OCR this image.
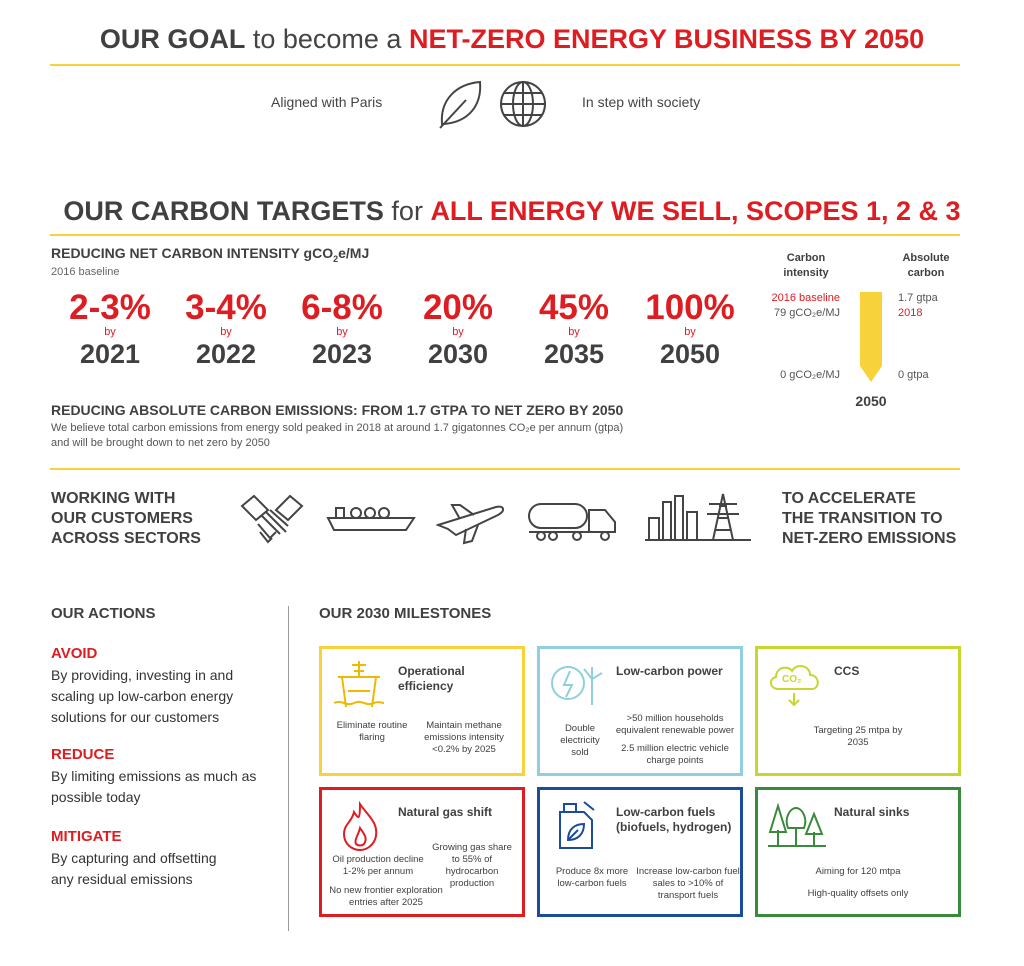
OUR GOAL to become a NET-ZERO ENERGY BUSINESS BY 2050
Aligned with Paris	In step with society
OUR CARBON TARGETS for ALL ENERGY WE SELL, SCOPES 1, 2 & 3
REDUCING NET CARBON INTENSITY gCO$_2$e/MJ
2016 baseline
2-3%
by
2021
3-4%
by
2022
6-8%
by
2023
20%
by
2030
45%
by
2035
100%
by
2050
REDUCING ABSOLUTE CARBON EMISSIONS: FROM 1.7 GTPA TO NET ZERO BY 2050
We believe total carbon emissions from energy sold peaked in 2018 at around 1.7 gigatonnes CO₂e per annum (gtpa)
and will be brought down to net zero by 2050
Carbon intensity
Absolute carbon
2016 baseline
79 gCO₂e/MJ
1.7 gtpa
2018
0 gCO₂e/MJ	0 gtpa
2050
WORKING WITH
OUR CUSTOMERS
ACROSS SECTORS
TO ACCELERATE
THE TRANSITION TO
NET-ZERO EMISSIONS
OUR ACTIONS
AVOID
By providing, investing in and scaling up low-carbon energy solutions for our customers
REDUCE
By limiting emissions as much as possible today
MITIGATE
By capturing and offsetting any residual emissions
OUR 2030 MILESTONES
Operational efficiency
Eliminate routine flaring
Maintain methane emissions intensity <0.2% by 2025
Low-carbon power
Double electricity sold
>50 million households equivalent renewable power
2.5 million electric vehicle charge points
CO₂
CCS
Targeting 25 mtpa by 2035
Natural gas shift
Oil production decline 1-2% per annum
Growing gas share to 55% of hydrocarbon production
No new frontier exploration entries after 2025
Low-carbon fuels (biofuels, hydrogen)
Produce 8x more low-carbon fuels
Increase low-carbon fuel sales to >10% of transport fuels
Natural sinks
Aiming for 120 mtpa
High-quality offsets only
